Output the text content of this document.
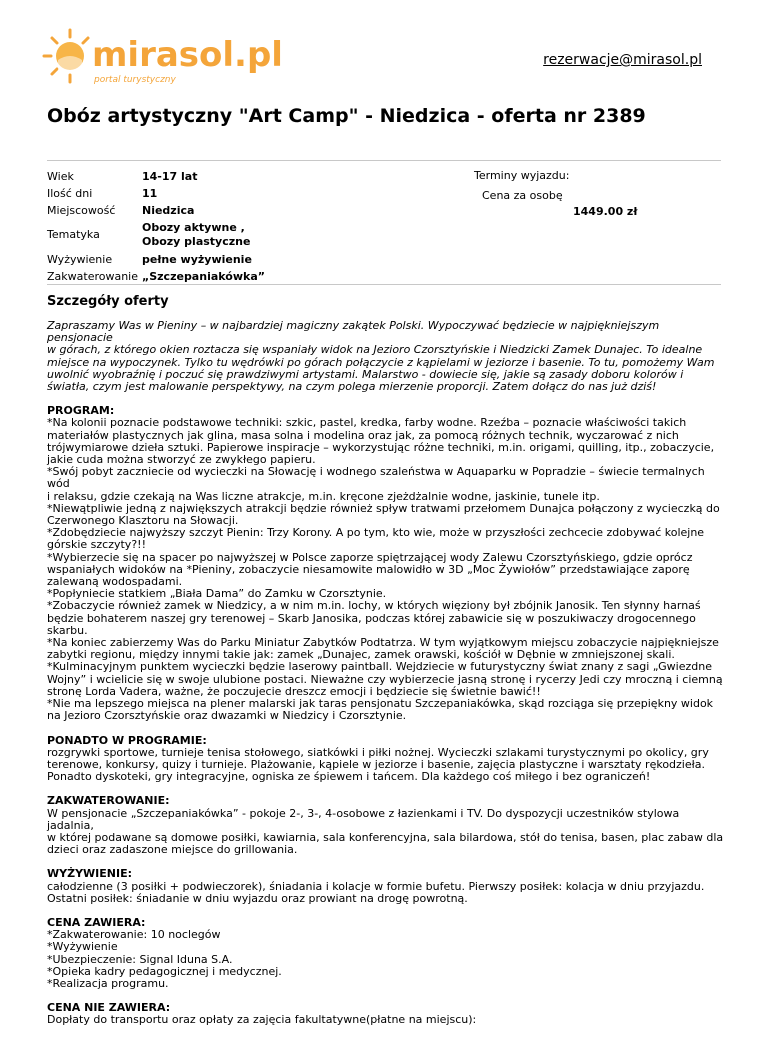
mirasol.pl
portal turystyczny
rezerwacje@mirasol.pl
Obóz artystyczny "Art Camp" - Niedzica - oferta nr 2389
Wiek	14-17 lat
Ilość dni	11
Miejscowość	Niedzica
Tematyka	Obozy aktywne ,
Obozy plastyczne

Wyżywienie	pełne wyżywienie
Zakwaterowanie	„Szczepaniakówka”
Terminy wyjazdu:
Cena za osobę
1449.00 zł
Szczegóły oferty

Zapraszamy Was w Pieniny – w najbardziej magiczny zakątek Polski. Wypoczywać będziecie w najpiękniejszym pensjonacie
w górach, z którego okien roztacza się wspaniały widok na Jezioro Czorsztyńskie i Niedzicki Zamek Dunajec. To idealne
miejsce na wypoczynek. Tylko tu wędrówki po górach połączycie z kąpielami w jeziorze i basenie. To tu, pomożemy Wam
uwolnić wyobraźnię i poczuć się prawdziwymi artystami. Malarstwo - dowiecie się, jakie są zasady doboru kolorów i
światła, czym jest malowanie perspektywy, na czym polega mierzenie proporcji. Zatem dołącz do nas już dziś!

PROGRAM:
*Na kolonii poznacie podstawowe techniki: szkic, pastel, kredka, farby wodne. Rzeźba – poznacie właściwości takich
materiałów plastycznych jak glina, masa solna i modelina oraz jak, za pomocą różnych technik, wyczarować z nich
trójwymiarowe dzieła sztuki. Papierowe inspiracje – wykorzystując różne techniki, m.in. origami, quilling, itp., zobaczycie,
jakie cuda można stworzyć ze zwykłego papieru.
*Swój pobyt zaczniecie od wycieczki na Słowację i wodnego szaleństwa w Aquaparku w Popradzie – świecie termalnych wód
i relaksu, gdzie czekają na Was liczne atrakcje, m.in. kręcone zjeżdżalnie wodne, jaskinie, tunele itp.
*Niewątpliwie jedną z największych atrakcji będzie również spływ tratwami przełomem Dunajca połączony z wycieczką do
Czerwonego Klasztoru na Słowacji.
*Zdobędziecie najwyższy szczyt Pienin: Trzy Korony. A po tym, kto wie, może w przyszłości zechcecie zdobywać kolejne
górskie szczyty?!!
*Wybierzecie się na spacer po najwyższej w Polsce zaporze spiętrzającej wody Zalewu Czorsztyńskiego, gdzie oprócz
wspaniałych widoków na *Pieniny, zobaczycie niesamowite malowidło w 3D „Moc Żywiołów” przedstawiające zaporę
zalewaną wodospadami.
*Popłyniecie statkiem „Biała Dama” do Zamku w Czorsztynie.
*Zobaczycie również zamek w Niedzicy, a w nim m.in. lochy, w których więziony był zbójnik Janosik. Ten słynny harnaś
będzie bohaterem naszej gry terenowej – Skarb Janosika, podczas której zabawicie się w poszukiwaczy drogocennego
skarbu.
*Na koniec zabierzemy Was do Parku Miniatur Zabytków Podtatrza. W tym wyjątkowym miejscu zobaczycie najpiękniejsze
zabytki regionu, między innymi takie jak: zamek „Dunajec, zamek orawski, kościół w Dębnie w zmniejszonej skali.
*Kulminacyjnym punktem wycieczki będzie laserowy paintball. Wejdziecie w futurystyczny świat znany z sagi „Gwiezdne
Wojny” i wcielicie się w swoje ulubione postaci. Nieważne czy wybierzecie jasną stronę i rycerzy Jedi czy mroczną i ciemną
stronę Lorda Vadera, ważne, że poczujecie dreszcz emocji i będziecie się świetnie bawić!!
*Nie ma lepszego miejsca na plener malarski jak taras pensjonatu Szczepaniakówka, skąd rozciąga się przepiękny widok
na Jezioro Czorsztyńskie oraz dwazamki w Niedzicy i Czorsztynie.

PONADTO W PROGRAMIE:
rozgrywki sportowe, turnieje tenisa stołowego, siatkówki i piłki nożnej. Wycieczki szlakami turystycznymi po okolicy, gry
terenowe, konkursy, quizy i turnieje. Plażowanie, kąpiele w jeziorze i basenie, zajęcia plastyczne i warsztaty rękodzieła.
Ponadto dyskoteki, gry integracyjne, ogniska ze śpiewem i tańcem. Dla każdego coś miłego i bez ograniczeń!

ZAKWATEROWANIE:
W pensjonacie „Szczepaniakówka” - pokoje 2-, 3-, 4-osobowe z łazienkami i TV. Do dyspozycji uczestników stylowa jadalnia,
w której podawane są domowe posiłki, kawiarnia, sala konferencyjna, sala bilardowa, stół do tenisa, basen, plac zabaw dla
dzieci oraz zadaszone miejsce do grillowania.

WYŻYWIENIE:
całodzienne (3 posiłki + podwieczorek), śniadania i kolacje w formie bufetu. Pierwszy posiłek: kolacja w dniu przyjazdu.
Ostatni posiłek: śniadanie w dniu wyjazdu oraz prowiant na drogę powrotną.

CENA ZAWIERA:
*Zakwaterowanie: 10 noclegów
*Wyżywienie
*Ubezpieczenie: Signal Iduna S.A.
*Opieka kadry pedagogicznej i medycznej.
*Realizacja programu.

CENA NIE ZAWIERA:
Dopłaty do transportu oraz opłaty za zajęcia fakultatywne(płatne na miejscu):
